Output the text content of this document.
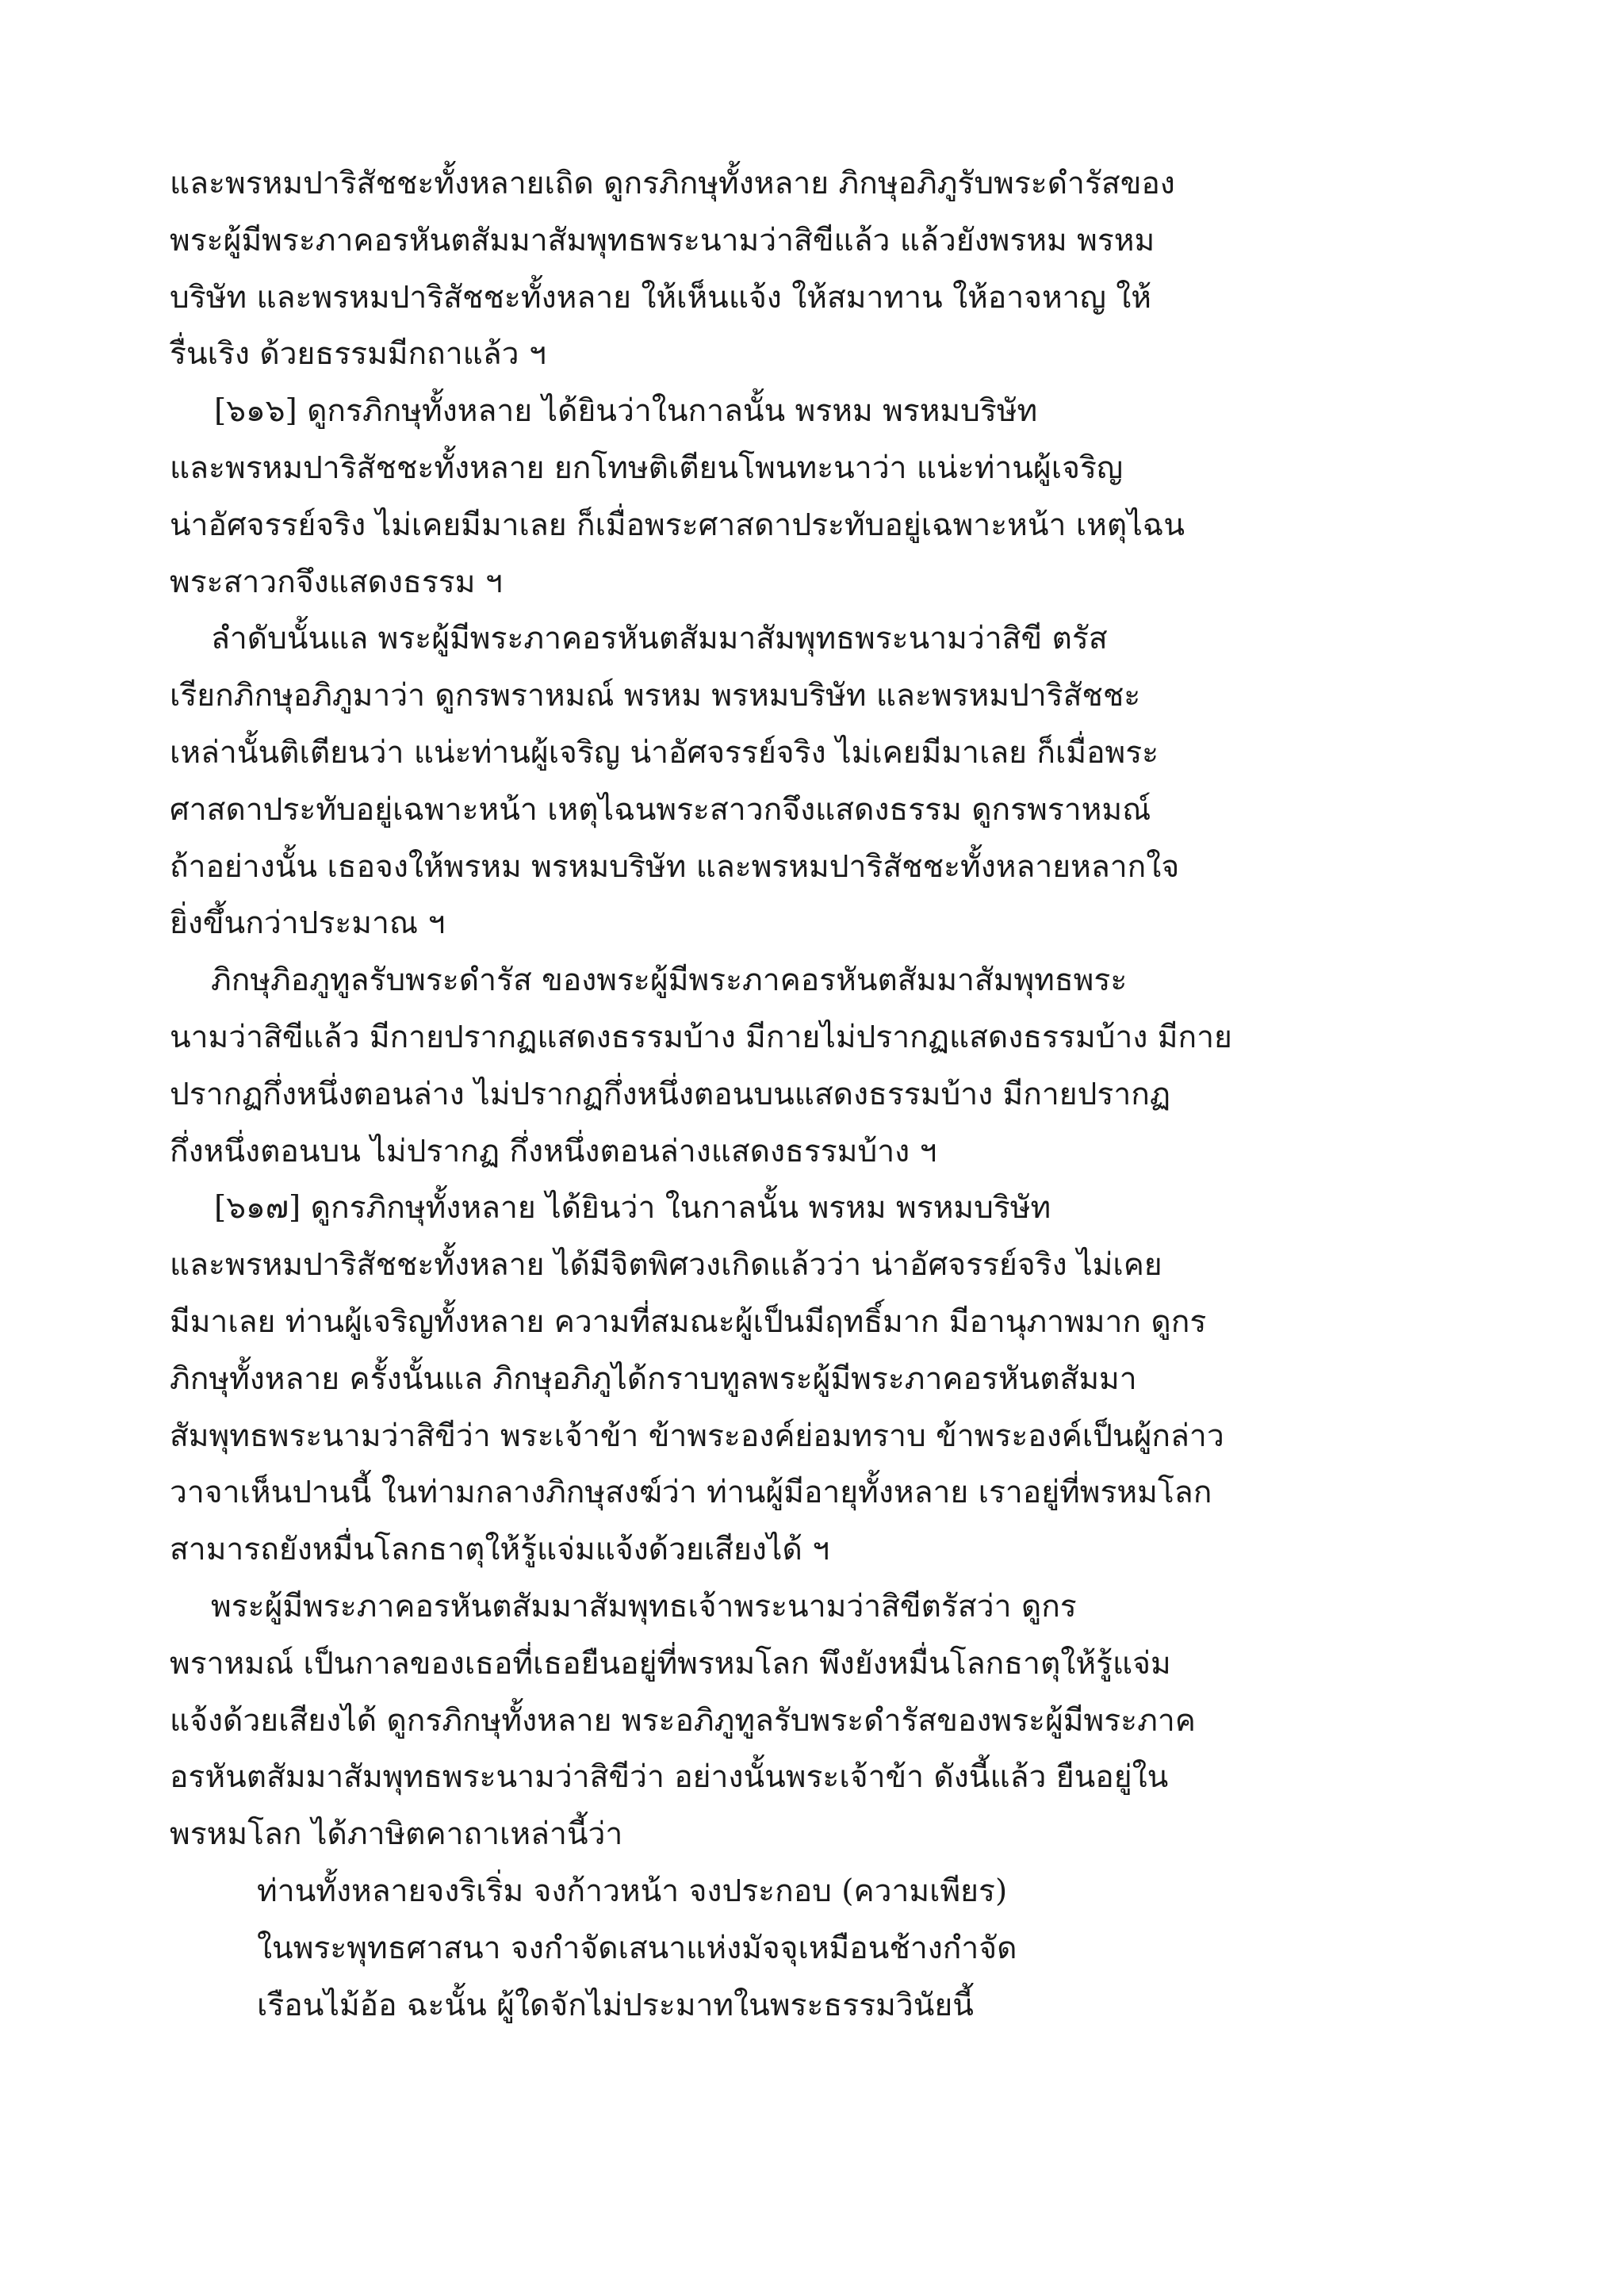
และพรหมปาริสัชชะทั้งหลายเถิด ดูกรภิกษุทั้งหลาย ภิกษุอภิภูรับพระดำรัสของ
พระผู้มีพระภาคอรหันตสัมมาสัมพุทธพระนามว่าสิขีแล้ว แล้วยังพรหม พรหม
บริษัท และพรหมปาริสัชชะทั้งหลาย ให้เห็นแจ้ง ให้สมาทาน ให้อาจหาญ ให้
รื่นเริง ด้วยธรรมมีกถาแล้ว ฯ
[๖๑๖] ดูกรภิกษุทั้งหลาย ได้ยินว่าในกาลนั้น พรหม พรหมบริษัท
และพรหมปาริสัชชะทั้งหลาย ยกโทษติเตียนโพนทะนาว่า แน่ะท่านผู้เจริญ
น่าอัศจรรย์จริง ไม่เคยมีมาเลย ก็เมื่อพระศาสดาประทับอยู่เฉพาะหน้า เหตุไฉน
พระสาวกจึงแสดงธรรม ฯ
ลำดับนั้นแล พระผู้มีพระภาคอรหันตสัมมาสัมพุทธพระนามว่าสิขี ตรัส
เรียกภิกษุอภิภูมาว่า ดูกรพราหมณ์ พรหม พรหมบริษัท และพรหมปาริสัชชะ
เหล่านั้นติเตียนว่า แน่ะท่านผู้เจริญ น่าอัศจรรย์จริง ไม่เคยมีมาเลย ก็เมื่อพระ
ศาสดาประทับอยู่เฉพาะหน้า เหตุไฉนพระสาวกจึงแสดงธรรม ดูกรพราหมณ์
ถ้าอย่างนั้น เธอจงให้พรหม พรหมบริษัท และพรหมปาริสัชชะทั้งหลายหลากใจ
ยิ่งขึ้นกว่าประมาณ ฯ
ภิกษุภิอภูทูลรับพระดำรัส ของพระผู้มีพระภาคอรหันตสัมมาสัมพุทธพระ
นามว่าสิขีแล้ว มีกายปรากฏแสดงธรรมบ้าง มีกายไม่ปรากฏแสดงธรรมบ้าง มีกาย
ปรากฏกึ่งหนึ่งตอนล่าง ไม่ปรากฏกึ่งหนึ่งตอนบนแสดงธรรมบ้าง มีกายปรากฏ
กึ่งหนึ่งตอนบน ไม่ปรากฏ กึ่งหนึ่งตอนล่างแสดงธรรมบ้าง ฯ
[๖๑๗] ดูกรภิกษุทั้งหลาย ได้ยินว่า ในกาลนั้น พรหม พรหมบริษัท
และพรหมปาริสัชชะทั้งหลาย ได้มีจิตพิศวงเกิดแล้วว่า น่าอัศจรรย์จริง ไม่เคย
มีมาเลย ท่านผู้เจริญทั้งหลาย ความที่สมณะผู้เป็นมีฤทธิ์มาก มีอานุภาพมาก ดูกร
ภิกษุทั้งหลาย ครั้งนั้นแล ภิกษุอภิภูได้กราบทูลพระผู้มีพระภาคอรหันตสัมมา
สัมพุทธพระนามว่าสิขีว่า พระเจ้าข้า ข้าพระองค์ย่อมทราบ ข้าพระองค์เป็นผู้กล่าว
วาจาเห็นปานนี้ ในท่ามกลางภิกษุสงฆ์ว่า ท่านผู้มีอายุทั้งหลาย เราอยู่ที่พรหมโลก
สามารถยังหมื่นโลกธาตุให้รู้แจ่มแจ้งด้วยเสียงได้ ฯ
พระผู้มีพระภาคอรหันตสัมมาสัมพุทธเจ้าพระนามว่าสิขีตรัสว่า ดูกร
พราหมณ์ เป็นกาลของเธอที่เธอยืนอยู่ที่พรหมโลก พึงยังหมื่นโลกธาตุให้รู้แจ่ม
แจ้งด้วยเสียงได้ ดูกรภิกษุทั้งหลาย พระอภิภูทูลรับพระดำรัสของพระผู้มีพระภาค
อรหันตสัมมาสัมพุทธพระนามว่าสิขีว่า อย่างนั้นพระเจ้าข้า ดังนี้แล้ว ยืนอยู่ใน
พรหมโลก ได้ภาษิตคาถาเหล่านี้ว่า
ท่านทั้งหลายจงริเริ่ม จงก้าวหน้า จงประกอบ (ความเพียร)
ในพระพุทธศาสนา จงกำจัดเสนาแห่งมัจจุเหมือนช้างกำจัด
เรือนไม้อ้อ ฉะนั้น ผู้ใดจักไม่ประมาทในพระธรรมวินัยนี้
